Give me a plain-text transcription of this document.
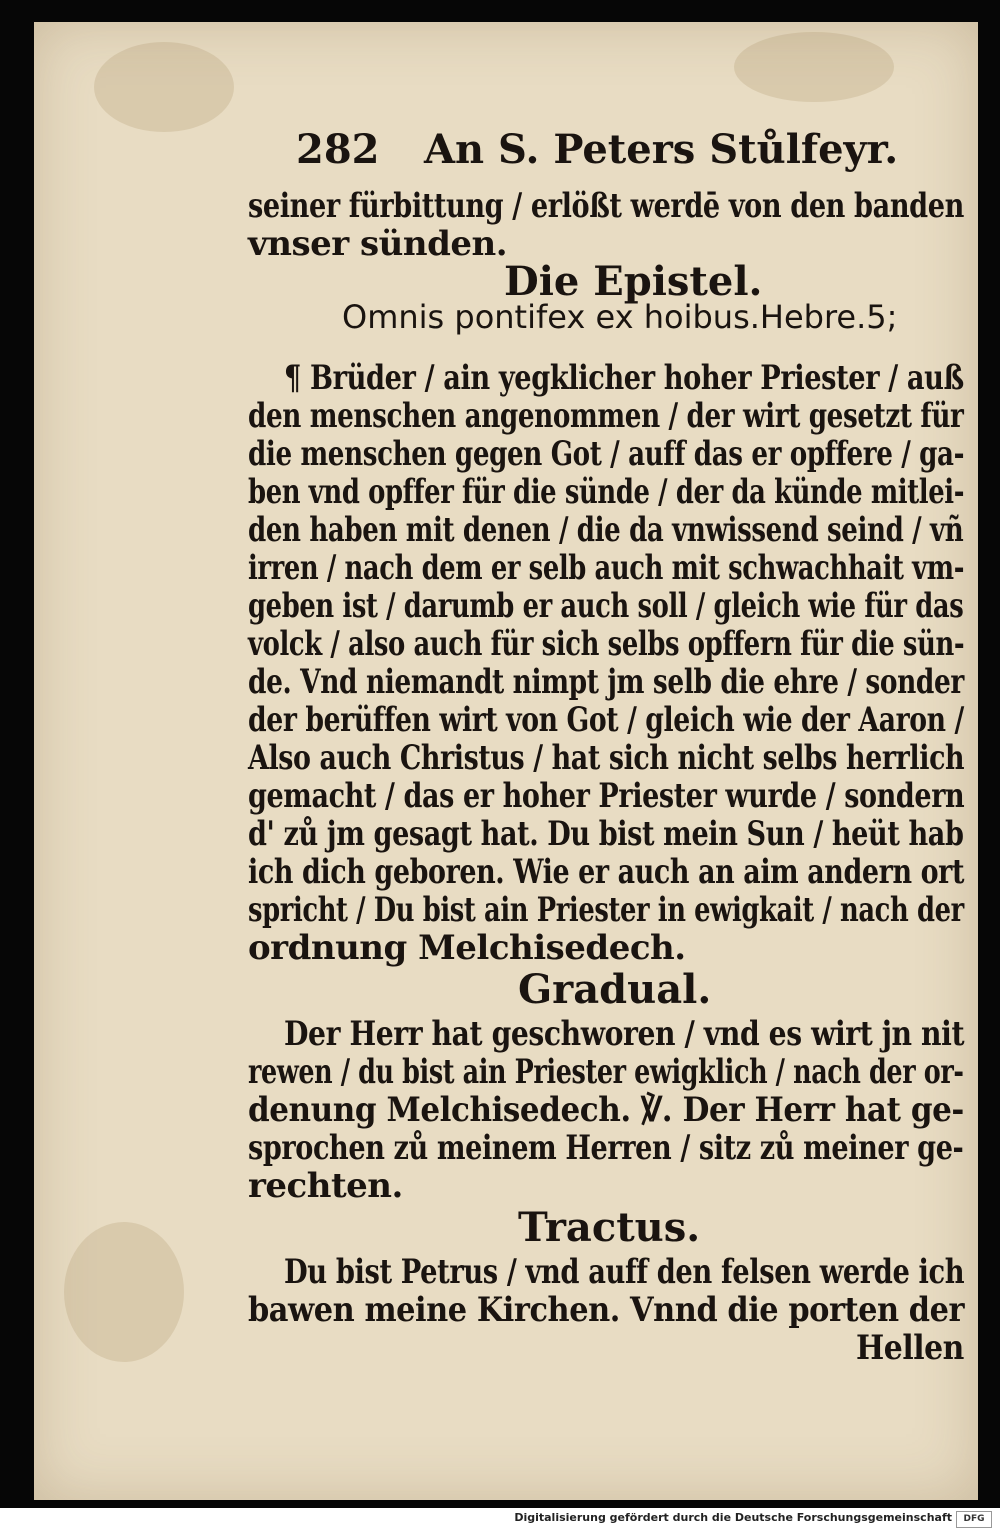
282 An S. Peters Stůlfeyr.
seiner fürbittung / erlößt werdē von den banden
vnser sünden.
Die Epistel.
Omnis pontifex ex hoibus.Hebre.5;
¶ Brüder / ain yegklicher hoher Priester / auß
den menschen angenommen / der wirt gesetzt für
die menschen gegen Got / auff das er opffere / ga-
ben vnd opffer für die sünde / der da künde mitlei-
den haben mit denen / die da vnwissend seind / vñ
irren / nach dem er selb auch mit schwachhait vm-
geben ist / darumb er auch soll / gleich wie für das
volck / also auch für sich selbs opffern für die sün-
de. Vnd niemandt nimpt jm selb die ehre / sonder
der berüffen wirt von Got / gleich wie der Aaron /
Also auch Christus / hat sich nicht selbs herrlich
gemacht / das er hoher Priester wurde / sondern
d' zů jm gesagt hat. Du bist mein Sun / heüt hab
ich dich geboren. Wie er auch an aim andern ort
spricht / Du bist ain Priester in ewigkait / nach der
ordnung Melchisedech.
Gradual.
Der Herr hat geschworen / vnd es wirt jn nit
rewen / du bist ain Priester ewigklich / nach der or-
denung Melchisedech. ℣. Der Herr hat ge-
sprochen zů meinem Herren / sitz zů meiner ge-
rechten.
Tractus.
Du bist Petrus / vnd auff den felsen werde ich
bawen meine Kirchen. Vnnd die porten der
Hellen
Digitalisierung gefördert durch die Deutsche Forschungsgemeinschaft	DFG
